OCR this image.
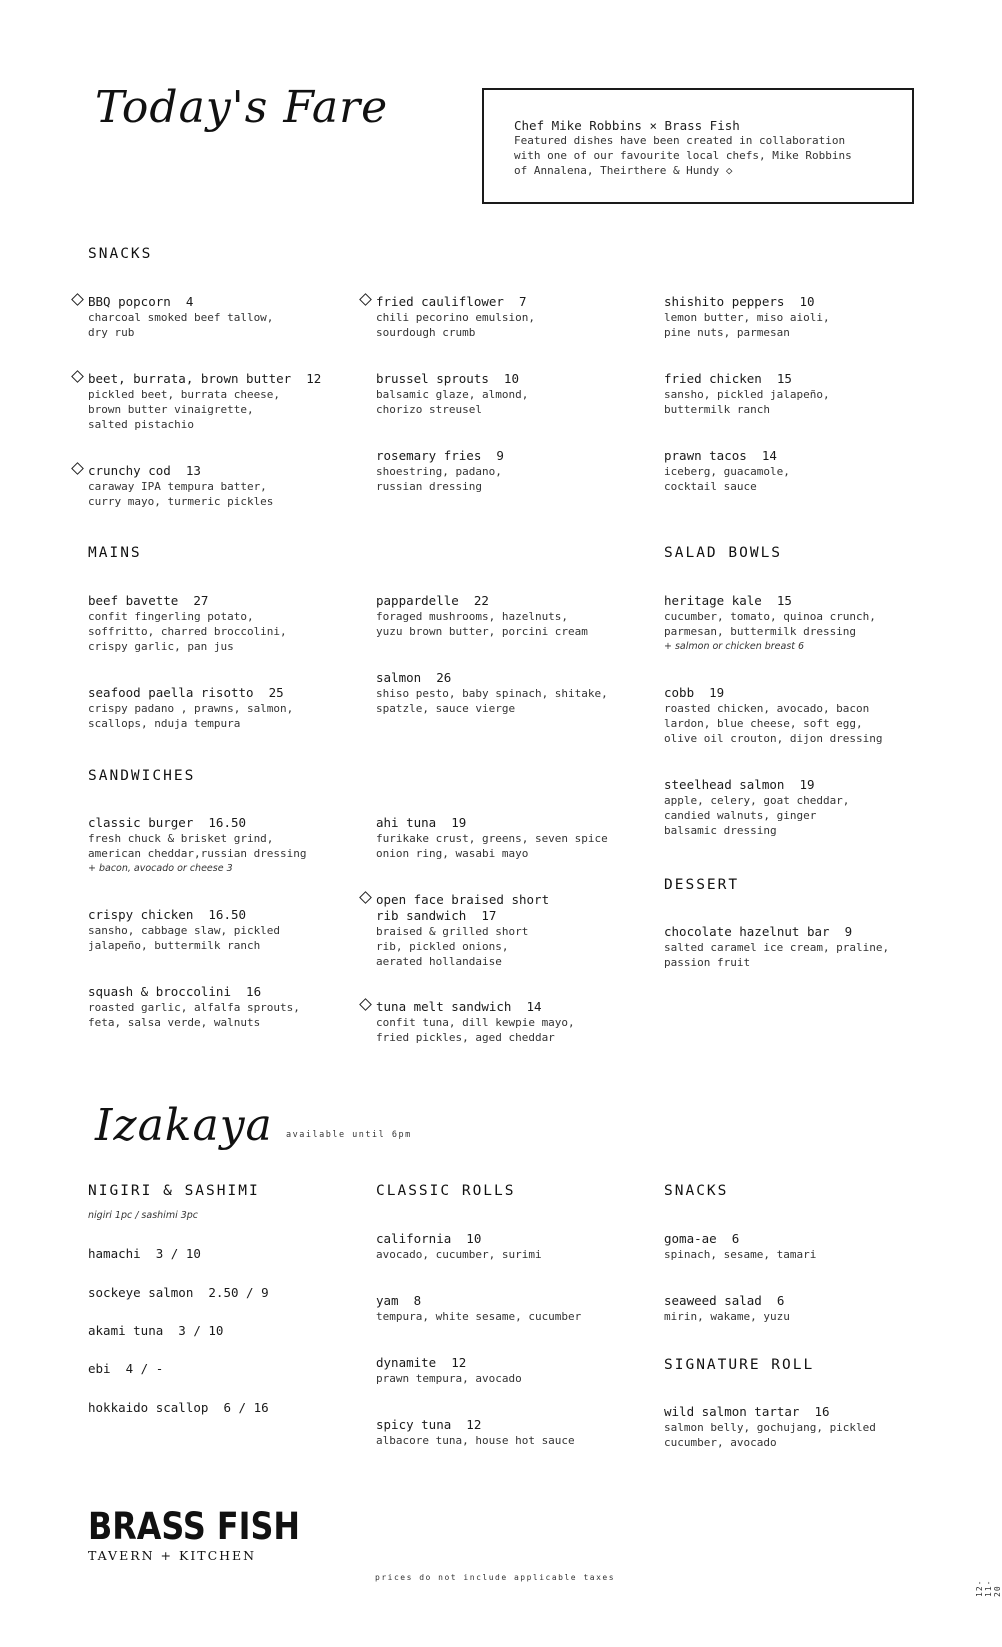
Today's Fare	Chef Mike Robbins × Brass Fish
Featured dishes have been created in collaboration
with one of our favourite local chefs, Mike Robbins
of Annalena, Theirthere & Hundy ◇
SNACKS
MAINS	SALAD BOWLS
SANDWICHES
DESSERT
BBQ popcorn  4
charcoal smoked beef tallow,
dry rub
beet, burrata, brown butter  12
pickled beet, burrata cheese,
brown butter vinaigrette,
salted pistachio
crunchy cod  13
caraway IPA tempura batter,
curry mayo, turmeric pickles
fried cauliflower  7
chili pecorino emulsion,
sourdough crumb
brussel sprouts  10
balsamic glaze, almond,
chorizo streusel
rosemary fries  9
shoestring, padano,
russian dressing
shishito peppers  10
lemon butter, miso aioli,
pine nuts, parmesan
fried chicken  15
sansho, pickled jalapeño,
buttermilk ranch
prawn tacos  14
iceberg, guacamole,
cocktail sauce
beef bavette  27
confit fingerling potato,
soffritto, charred broccolini,
crispy garlic, pan jus
seafood paella risotto  25
crispy padano , prawns, salmon,
scallops, nduja tempura
pappardelle  22
foraged mushrooms, hazelnuts,
yuzu brown butter, porcini cream
salmon  26
shiso pesto, baby spinach, shitake,
spatzle, sauce vierge
heritage kale  15
cucumber, tomato, quinoa crunch,
parmesan, buttermilk dressing
+ salmon or chicken breast 6
cobb  19
roasted chicken, avocado, bacon
lardon, blue cheese, soft egg,
olive oil crouton, dijon dressing
steelhead salmon  19
apple, celery, goat cheddar,
candied walnuts, ginger
balsamic dressing
classic burger  16.50
fresh chuck & brisket grind,
american cheddar,russian dressing
+ bacon, avocado or cheese 3
crispy chicken  16.50
sansho, cabbage slaw, pickled
jalapeño, buttermilk ranch
squash & broccolini  16
roasted garlic, alfalfa sprouts,
feta, salsa verde, walnuts
ahi tuna  19
furikake crust, greens, seven spice
onion ring, wasabi mayo
open face braised short
rib sandwich  17
braised & grilled short
rib, pickled onions,
aerated hollandaise
tuna melt sandwich  14
confit tuna, dill kewpie mayo,
fried pickles, aged cheddar
chocolate hazelnut bar  9
salted caramel ice cream, praline,
passion fruit
Izakaya available until 6pm
NIGIRI & SASHIMI
nigiri 1pc / sashimi 3pc
hamachi  3 / 10
sockeye salmon  2.50 / 9
akami tuna  3 / 10
ebi  4 / -
hokkaido scallop  6 / 16
CLASSIC ROLLS
california  10
avocado, cucumber, surimi
yam  8
tempura, white sesame, cucumber
dynamite  12
prawn tempura, avocado
spicy tuna  12
albacore tuna, house hot sauce
SNACKS
goma-ae  6
spinach, sesame, tamari
seaweed salad  6
mirin, wakame, yuzu
SIGNATURE ROLL
wild salmon tartar  16
salmon belly, gochujang, pickled
cucumber, avocado
BRASS FISH
TAVERN + KITCHEN
prices do not include applicable taxes
12-11-20
